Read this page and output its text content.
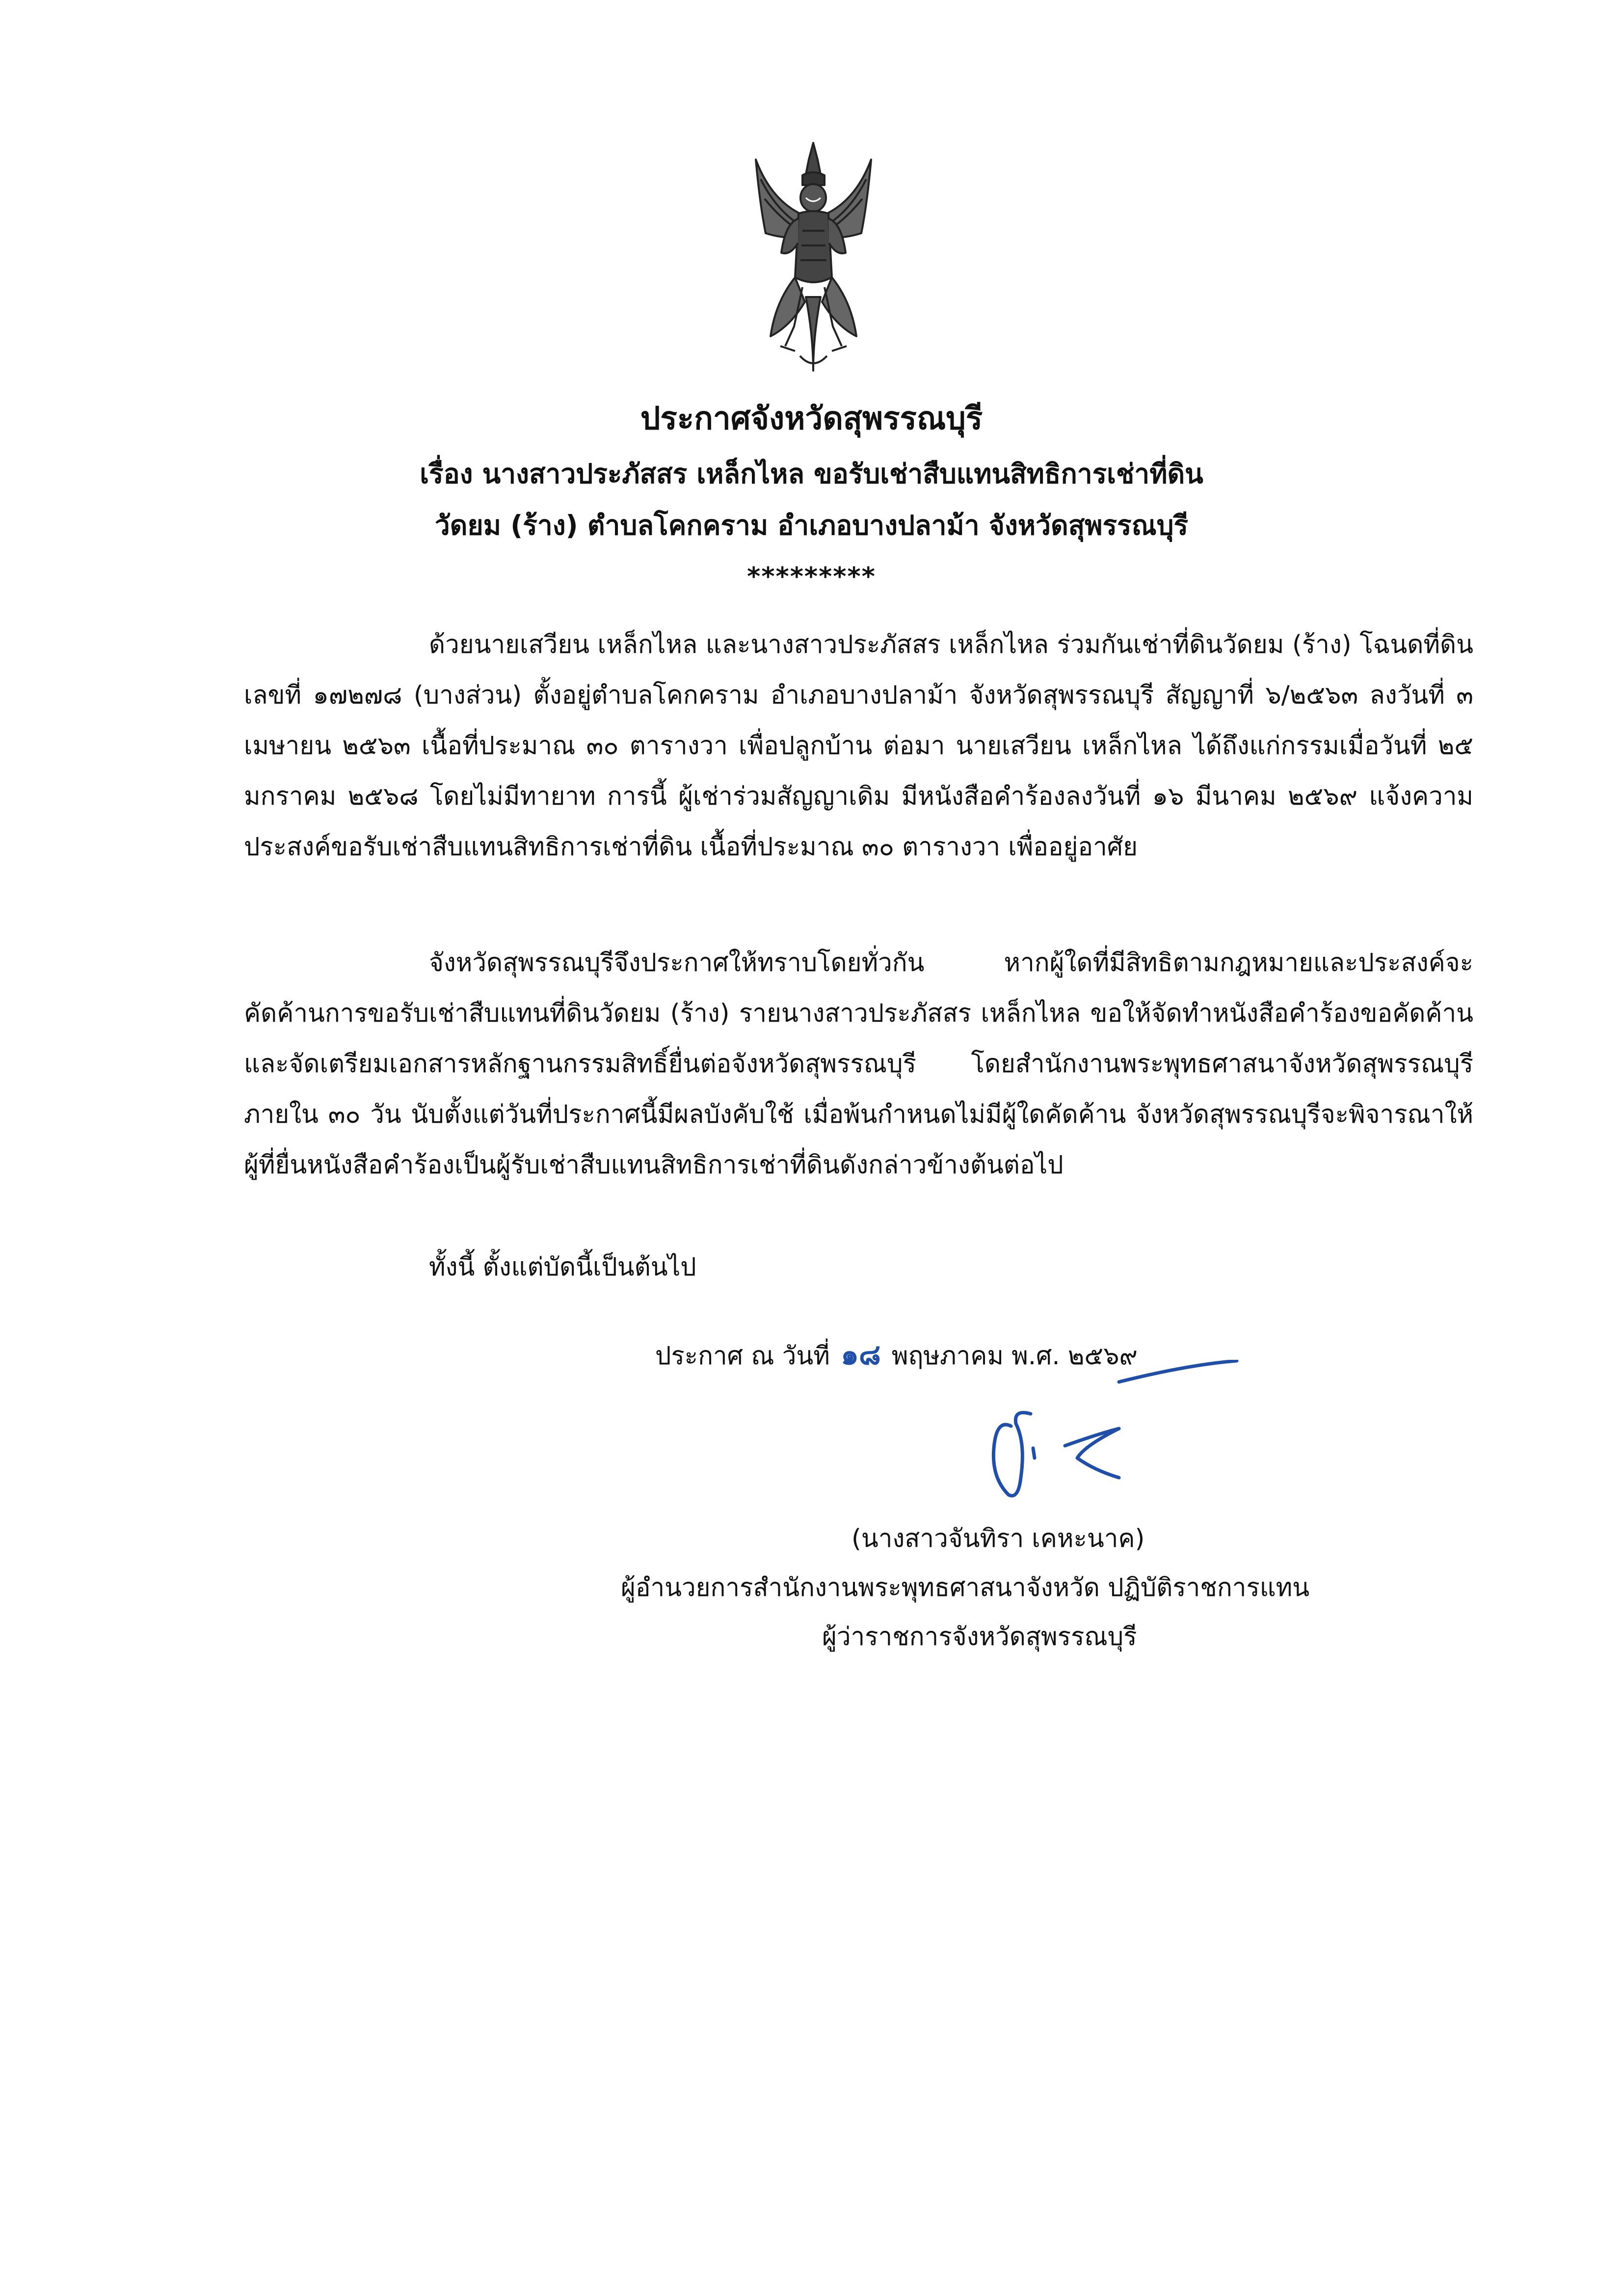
ประกาศจังหวัดสุพรรณบุรี
เรื่อง นางสาวประภัสสร เหล็กไหล ขอรับเช่าสืบแทนสิทธิการเช่าที่ดิน
วัดยม (ร้าง) ตำบลโคกคราม อำเภอบางปลาม้า จังหวัดสุพรรณบุรี
*********
ด้วยนายเสวียน เหล็กไหล และนางสาวประภัสสร เหล็กไหล ร่วมกันเช่าที่ดินวัดยม (ร้าง) โฉนดที่ดินเลขที่ ๑๗๒๗๘ (บางส่วน) ตั้งอยู่ตำบลโคกคราม อำเภอบางปลาม้า จังหวัดสุพรรณบุรี สัญญาที่ ๖/๒๕๖๓ ลงวันที่ ๓ เมษายน ๒๕๖๓ เนื้อที่ประมาณ ๓๐ ตารางวา เพื่อปลูกบ้าน ต่อมา นายเสวียน เหล็กไหล ได้ถึงแก่กรรมเมื่อวันที่ ๒๕ มกราคม ๒๕๖๘ โดยไม่มีทายาท การนี้ ผู้เช่าร่วมสัญญาเดิม มีหนังสือคำร้องลงวันที่ ๑๖ มีนาคม ๒๕๖๙ แจ้งความประสงค์ขอรับเช่าสืบแทนสิทธิการเช่าที่ดิน เนื้อที่ประมาณ ๓๐ ตารางวา เพื่ออยู่อาศัย
จังหวัดสุพรรณบุรีจึงประกาศให้ทราบโดยทั่วกัน หากผู้ใดที่มีสิทธิตามกฎหมายและประสงค์จะคัดค้านการขอรับเช่าสืบแทนที่ดินวัดยม (ร้าง) รายนางสาวประภัสสร เหล็กไหล ขอให้จัดทำหนังสือคำร้องขอคัดค้านและจัดเตรียมเอกสารหลักฐานกรรมสิทธิ์ยื่นต่อจังหวัดสุพรรณบุรี โดยสำนักงานพระพุทธศาสนาจังหวัดสุพรรณบุรี ภายใน ๓๐ วัน นับตั้งแต่วันที่ประกาศนี้มีผลบังคับใช้ เมื่อพ้นกำหนดไม่มีผู้ใดคัดค้าน จังหวัดสุพรรณบุรีจะพิจารณาให้ผู้ที่ยื่นหนังสือคำร้องเป็นผู้รับเช่าสืบแทนสิทธิการเช่าที่ดินดังกล่าวข้างต้นต่อไป
ทั้งนี้ ตั้งแต่บัดนี้เป็นต้นไป
ประกาศ ณ วันที่ ๑๘ พฤษภาคม พ.ศ. ๒๕๖๙
(นางสาวจันทิรา เคหะนาค)
ผู้อำนวยการสำนักงานพระพุทธศาสนาจังหวัด ปฏิบัติราชการแทน
ผู้ว่าราชการจังหวัดสุพรรณบุรี
